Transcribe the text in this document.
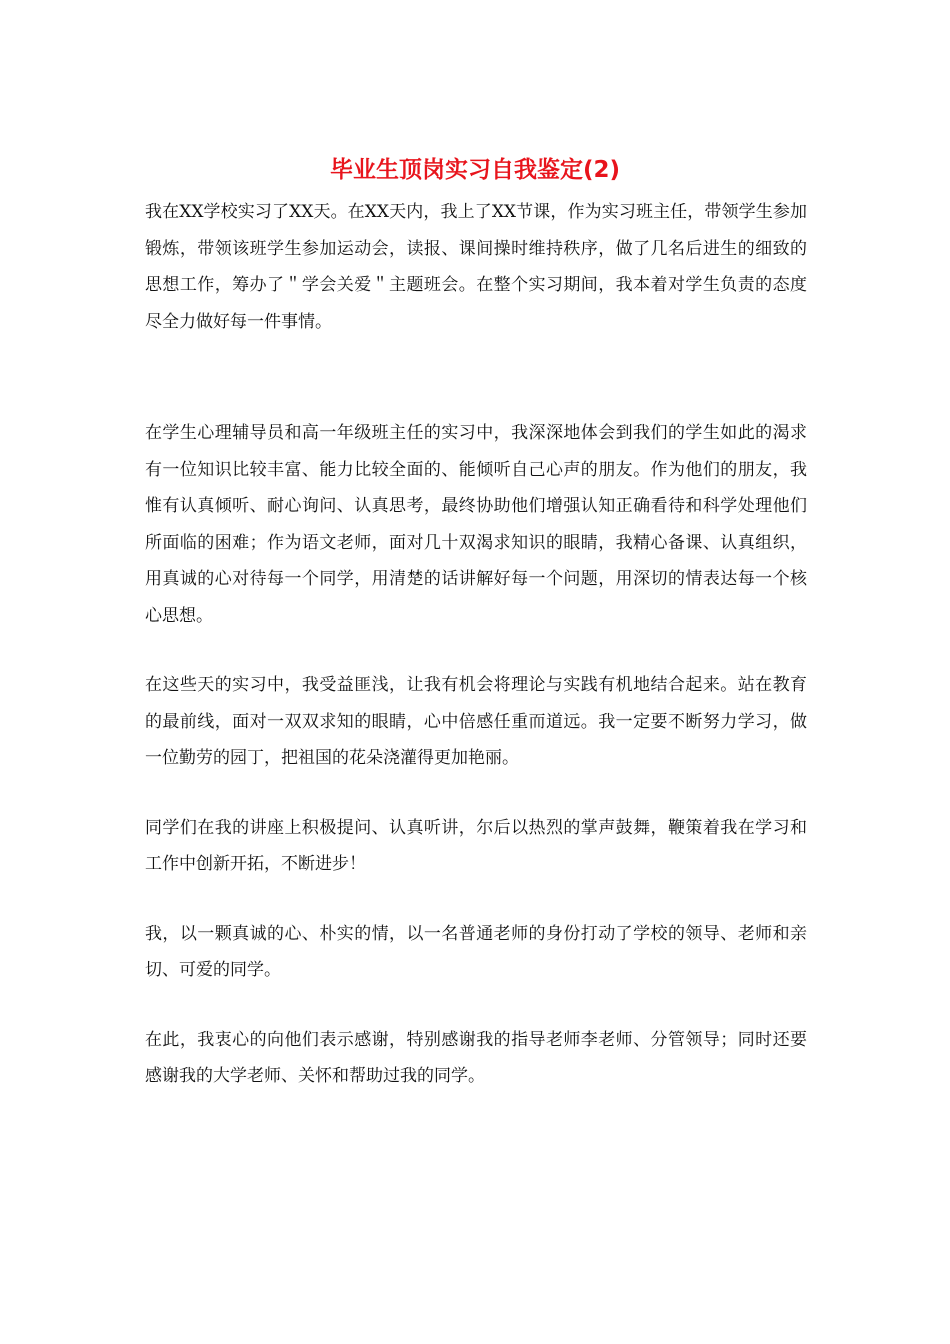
毕业生顶岗实习自我鉴定(2)

我在XX学校实习了XX天。在XX天内，我上了XX节课，作为实习班主任，带领学生参加锻炼，带领该班学生参加运动会，读报、课间操时维持秩序，做了几名后进生的细致的思想工作，筹办了＂学会关爱＂主题班会。在整个实习期间，我本着对学生负责的态度尽全力做好每一件事情。

在学生心理辅导员和高一年级班主任的实习中，我深深地体会到我们的学生如此的渴求有一位知识比较丰富、能力比较全面的、能倾听自己心声的朋友。作为他们的朋友，我惟有认真倾听、耐心询问、认真思考，最终协助他们增强认知正确看待和科学处理他们所面临的困难；作为语文老师，面对几十双渴求知识的眼睛，我精心备课、认真组织，用真诚的心对待每一个同学，用清楚的话讲解好每一个问题，用深切的情表达每一个核心思想。

在这些天的实习中，我受益匪浅，让我有机会将理论与实践有机地结合起来。站在教育的最前线，面对一双双求知的眼睛，心中倍感任重而道远。我一定要不断努力学习，做一位勤劳的园丁，把祖国的花朵浇灌得更加艳丽。

同学们在我的讲座上积极提问、认真听讲，尔后以热烈的掌声鼓舞，鞭策着我在学习和工作中创新开拓，不断进步！

我，以一颗真诚的心、朴实的情，以一名普通老师的身份打动了学校的领导、老师和亲切、可爱的同学。

在此，我衷心的向他们表示感谢，特别感谢我的指导老师李老师、分管领导；同时还要感谢我的大学老师、关怀和帮助过我的同学。
